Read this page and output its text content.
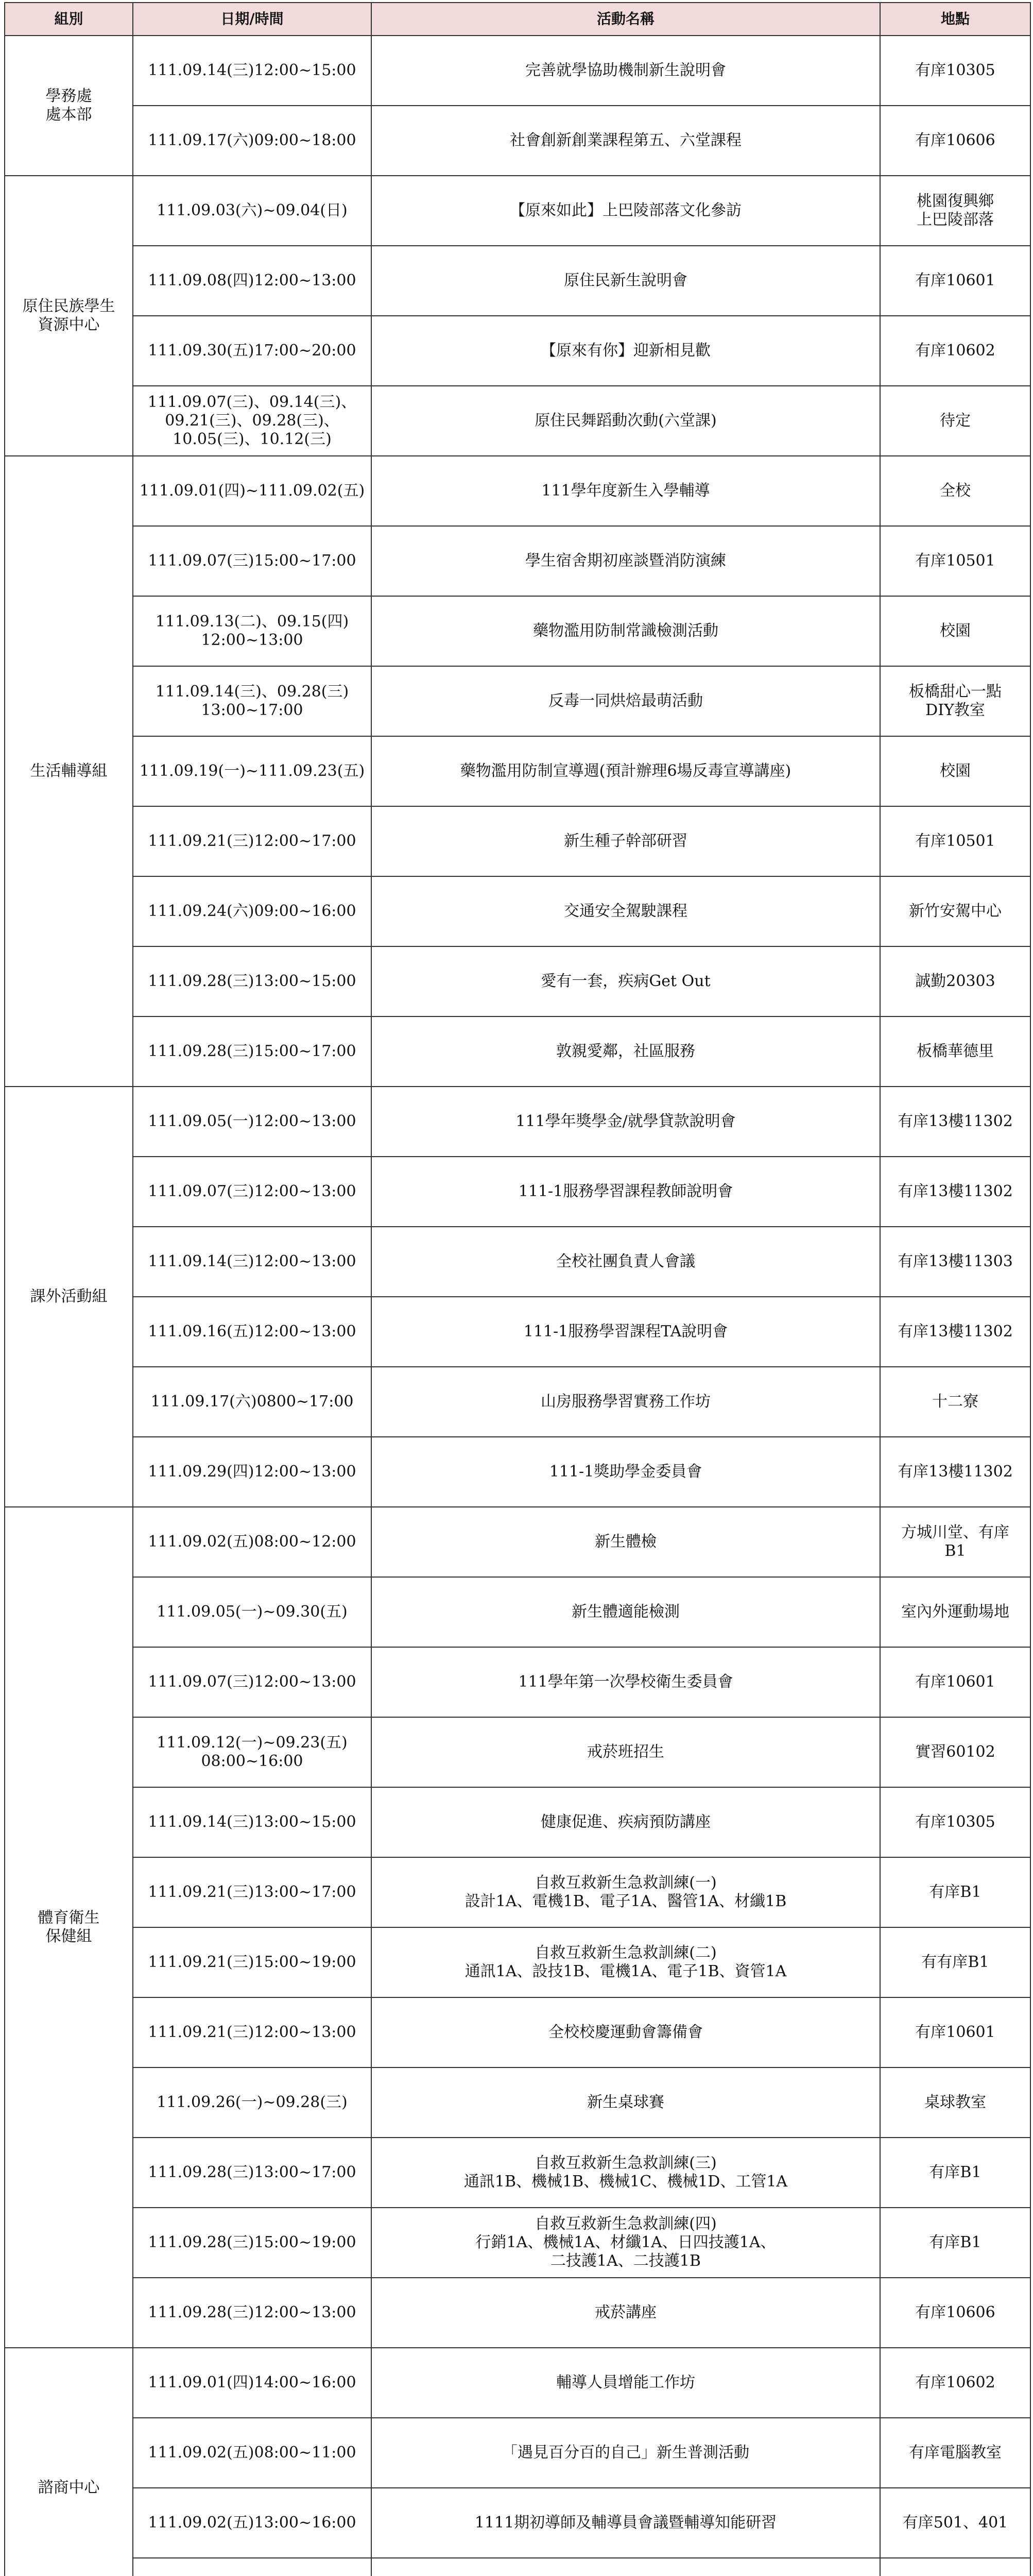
組別	日期/時間	活動名稱	地點
學務處
處本部	111.09.14(三)12:00~15:00	完善就學協助機制新生說明會	有庠10305
	111.09.17(六)09:00~18:00	社會創新創業課程第五、六堂課程	有庠10606
原住民族學生
資源中心	111.09.03(六)~09.04(日)	【原來如此】上巴陵部落文化參訪	桃園復興鄉
上巴陵部落
	111.09.08(四)12:00~13:00	原住民新生說明會	有庠10601
	111.09.30(五)17:00~20:00	【原來有你】迎新相見歡	有庠10602
	111.09.07(三)、09.14(三)、
09.21(三)、09.28(三)、
10.05(三)、10.12(三)	原住民舞蹈動次動(六堂課)	待定
生活輔導組	111.09.01(四)~111.09.02(五)	111學年度新生入學輔導	全校
	111.09.07(三)15:00~17:00	學生宿舍期初座談暨消防演練	有庠10501
	111.09.13(二)、09.15(四)
12:00~13:00	藥物濫用防制常識檢測活動	校園
	111.09.14(三)、09.28(三)
13:00~17:00	反毒一同烘焙最萌活動	板橋甜心一點
DIY教室
	111.09.19(一)~111.09.23(五)	藥物濫用防制宣導週(預計辦理6場反毒宣導講座)	校園
	111.09.21(三)12:00~17:00	新生種子幹部研習	有庠10501
	111.09.24(六)09:00~16:00	交通安全駕駛課程	新竹安駕中心
	111.09.28(三)13:00~15:00	愛有一套，疾病Get Out	誠勤20303
	111.09.28(三)15:00~17:00	敦親愛鄰，社區服務	板橋華德里
課外活動組	111.09.05(一)12:00~13:00	111學年獎學金/就學貸款說明會	有庠13樓11302
	111.09.07(三)12:00~13:00	111-1服務學習課程教師說明會	有庠13樓11302
	111.09.14(三)12:00~13:00	全校社團負責人會議	有庠13樓11303
	111.09.16(五)12:00~13:00	111-1服務學習課程TA說明會	有庠13樓11302
	111.09.17(六)0800~17:00	山房服務學習實務工作坊	十二寮
	111.09.29(四)12:00~13:00	111-1獎助學金委員會	有庠13樓11302
體育衛生
保健組	111.09.02(五)08:00~12:00	新生體檢	方城川堂、有庠
B1
	111.09.05(一)~09.30(五)	新生體適能檢測	室內外運動場地
	111.09.07(三)12:00~13:00	111學年第一次學校衛生委員會	有庠10601
	111.09.12(一)~09.23(五)
08:00~16:00	戒菸班招生	實習60102
	111.09.14(三)13:00~15:00	健康促進、疾病預防講座	有庠10305
	111.09.21(三)13:00~17:00	自救互救新生急救訓練(一)
設計1A、電機1B、電子1A、醫管1A、材纖1B	有庠B1
	111.09.21(三)15:00~19:00	自救互救新生急救訓練(二)
通訊1A、設技1B、電機1A、電子1B、資管1A	有有庠B1
	111.09.21(三)12:00~13:00	全校校慶運動會籌備會	有庠10601
	111.09.26(一)~09.28(三)	新生桌球賽	桌球教室
	111.09.28(三)13:00~17:00	自救互救新生急救訓練(三)
通訊1B、機械1B、機械1C、機械1D、工管1A	有庠B1
	111.09.28(三)15:00~19:00	自救互救新生急救訓練(四)
行銷1A、機械1A、材纖1A、日四技護1A、
二技護1A、二技護1B	有庠B1
	111.09.28(三)12:00~13:00	戒菸講座	有庠10606
諮商中心	111.09.01(四)14:00~16:00	輔導人員增能工作坊	有庠10602
	111.09.02(五)08:00~11:00	「遇見百分百的自己」新生普測活動	有庠電腦教室
	111.09.02(五)13:00~16:00	1111期初導師及輔導員會議暨輔導知能研習	有庠501、401
